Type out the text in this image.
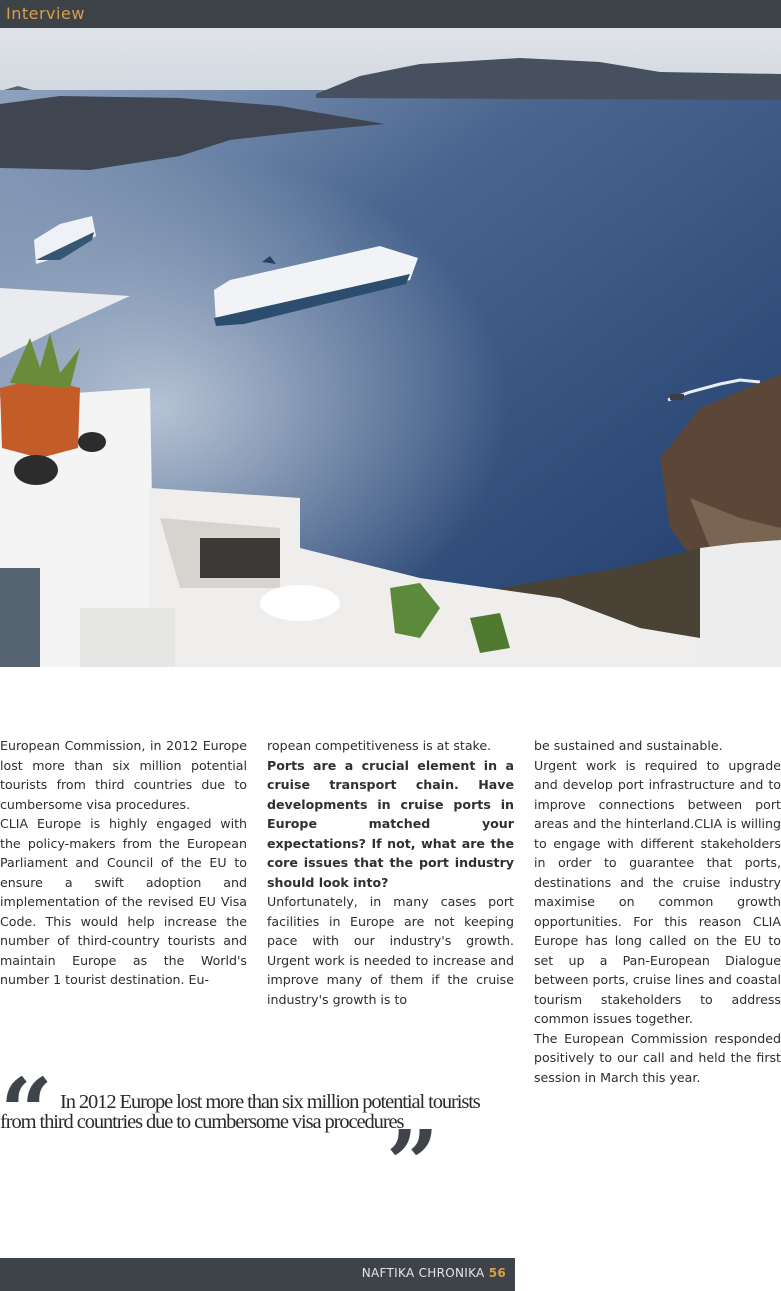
Interview

European Commission, in 2012 Europe lost more than six million potential tourists from third countries due to cumbersome visa procedures.

CLIA Europe is highly engaged with the policy-makers from the European Parliament and Council of the EU to ensure a swift adoption and implementation of the revised EU Visa Code. This would help increase the number of third-country tourists and maintain Europe as the World's number 1 tourist destination. Eu-

ropean competitiveness is at stake.

Ports are a crucial element in a cruise transport chain. Have developments in cruise ports in Europe matched your expectations? If not, what are the core issues that the port industry should look into?

Unfortunately, in many cases port facilities in Europe are not keeping pace with our industry's growth. Urgent work is needed to increase and improve many of them if the cruise industry's growth is to

be sustained and sustainable.

Urgent work is required to upgrade and develop port infrastructure and to improve connections between port areas and the hinterland.CLIA is willing to engage with different stakeholders in order to guarantee that ports, destinations and the cruise industry maximise on common growth opportunities. For this reason CLIA Europe has long called on the EU to set up a Pan-European Dialogue between ports, cruise lines and coastal tourism stakeholders to address common issues together.

The European Commission responded positively to our call and held the first session in March this year.

“ In 2012 Europe lost more than six million potential tourists from third countries due to cumbersome visa procedures
”
NAFTIKA CHRONIKA 56
